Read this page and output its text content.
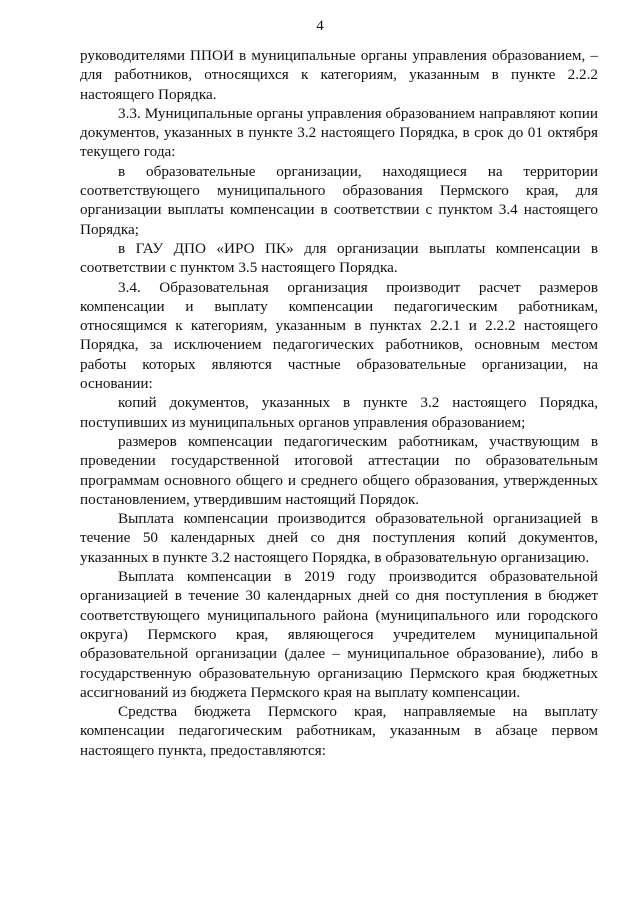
4

руководителями ППОИ в муниципальные органы управления образованием, – для работников, относящихся к категориям, указанным в пункте 2.2.2 настоящего Порядка.

3.3. Муниципальные органы управления образованием направляют копии документов, указанных в пункте 3.2 настоящего Порядка, в срок до 01 октября текущего года:

в образовательные организации, находящиеся на территории соответствующего муниципального образования Пермского края, для организации выплаты компенсации в соответствии с пунктом 3.4 настоящего Порядка;

в ГАУ ДПО «ИРО ПК» для организации выплаты компенсации в соответствии с пунктом 3.5 настоящего Порядка.

3.4. Образовательная организация производит расчет размеров компенсации и выплату компенсации педагогическим работникам, относящимся к категориям, указанным в пунктах 2.2.1 и 2.2.2 настоящего Порядка, за исключением педагогических работников, основным местом работы которых являются частные образовательные организации, на основании:

копий документов, указанных в пункте 3.2 настоящего Порядка, поступивших из муниципальных органов управления образованием;

размеров компенсации педагогическим работникам, участвующим в проведении государственной итоговой аттестации по образовательным программам основного общего и среднего общего образования, утвержденных постановлением, утвердившим настоящий Порядок.

Выплата компенсации производится образовательной организацией в течение 50 календарных дней со дня поступления копий документов, указанных в пункте 3.2 настоящего Порядка, в образовательную организацию.

Выплата компенсации в 2019 году производится образовательной организацией в течение 30 календарных дней со дня поступления в бюджет соответствующего муниципального района (муниципального или городского округа) Пермского края, являющегося учредителем муниципальной образовательной организации (далее – муниципальное образование), либо в государственную образовательную организацию Пермского края бюджетных ассигнований из бюджета Пермского края на выплату компенсации.

Средства бюджета Пермского края, направляемые на выплату компенсации педагогическим работникам, указанным в абзаце первом настоящего пункта, предоставляются:
